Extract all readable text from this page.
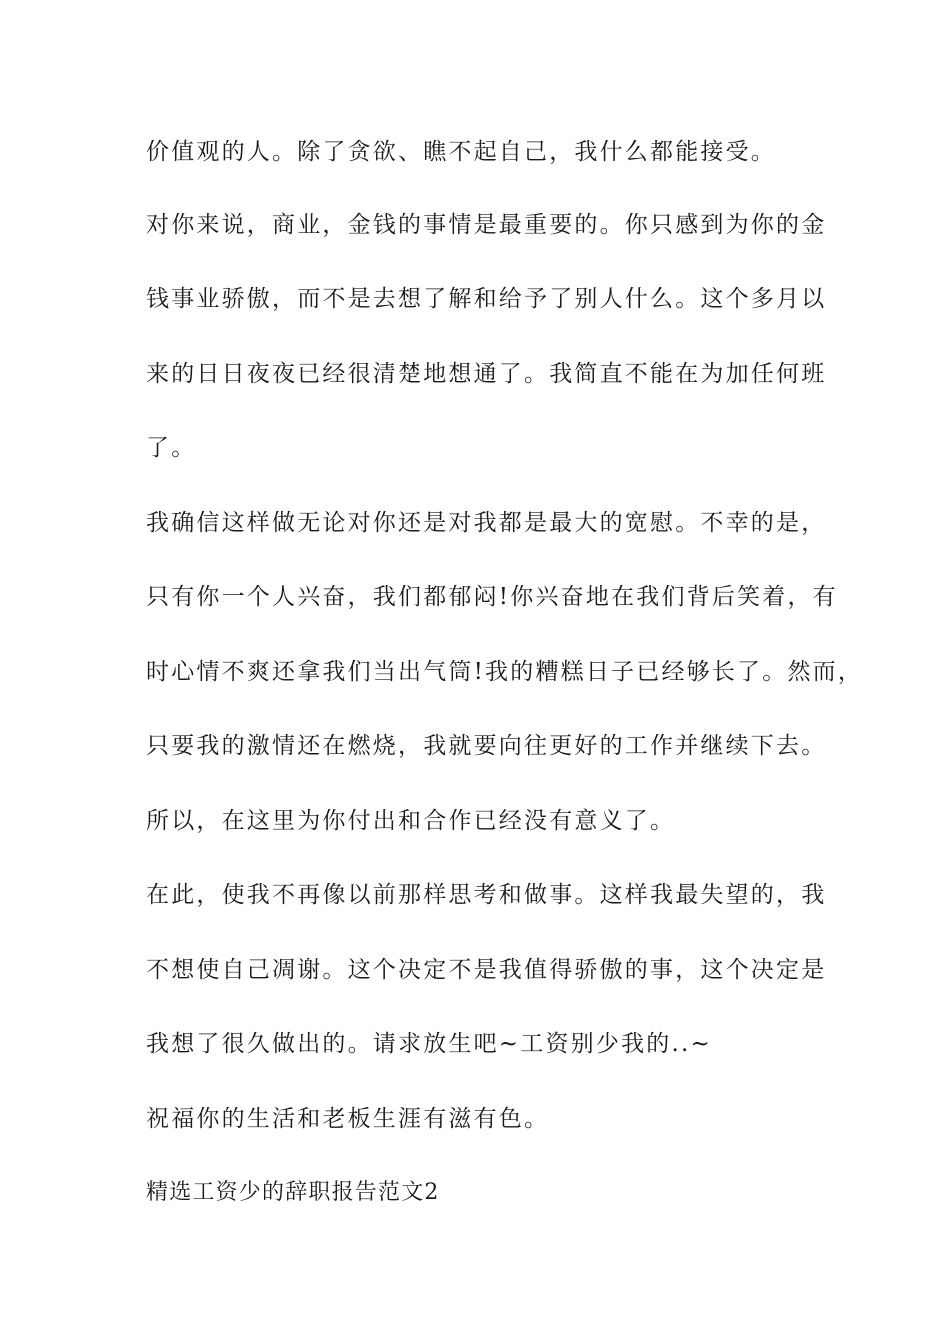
价值观的人。除了贪欲、瞧不起自己，我什么都能接受。
对你来说，商业，金钱的事情是最重要的。你只感到为你的金
钱事业骄傲，而不是去想了解和给予了别人什么。这个多月以
来的日日夜夜已经很清楚地想通了。我简直不能在为加任何班
了。
我确信这样做无论对你还是对我都是最大的宽慰。不幸的是，
只有你一个人兴奋，我们都郁闷!你兴奋地在我们背后笑着，有
时心情不爽还拿我们当出气筒!我的糟糕日子已经够长了。然而，
只要我的激情还在燃烧，我就要向往更好的工作并继续下去。
所以，在这里为你付出和合作已经没有意义了。
在此，使我不再像以前那样思考和做事。这样我最失望的，我
不想使自己凋谢。这个决定不是我值得骄傲的事，这个决定是
我想了很久做出的。请求放生吧~工资别少我的..~
祝福你的生活和老板生涯有滋有色。
精选工资少的辞职报告范文2
